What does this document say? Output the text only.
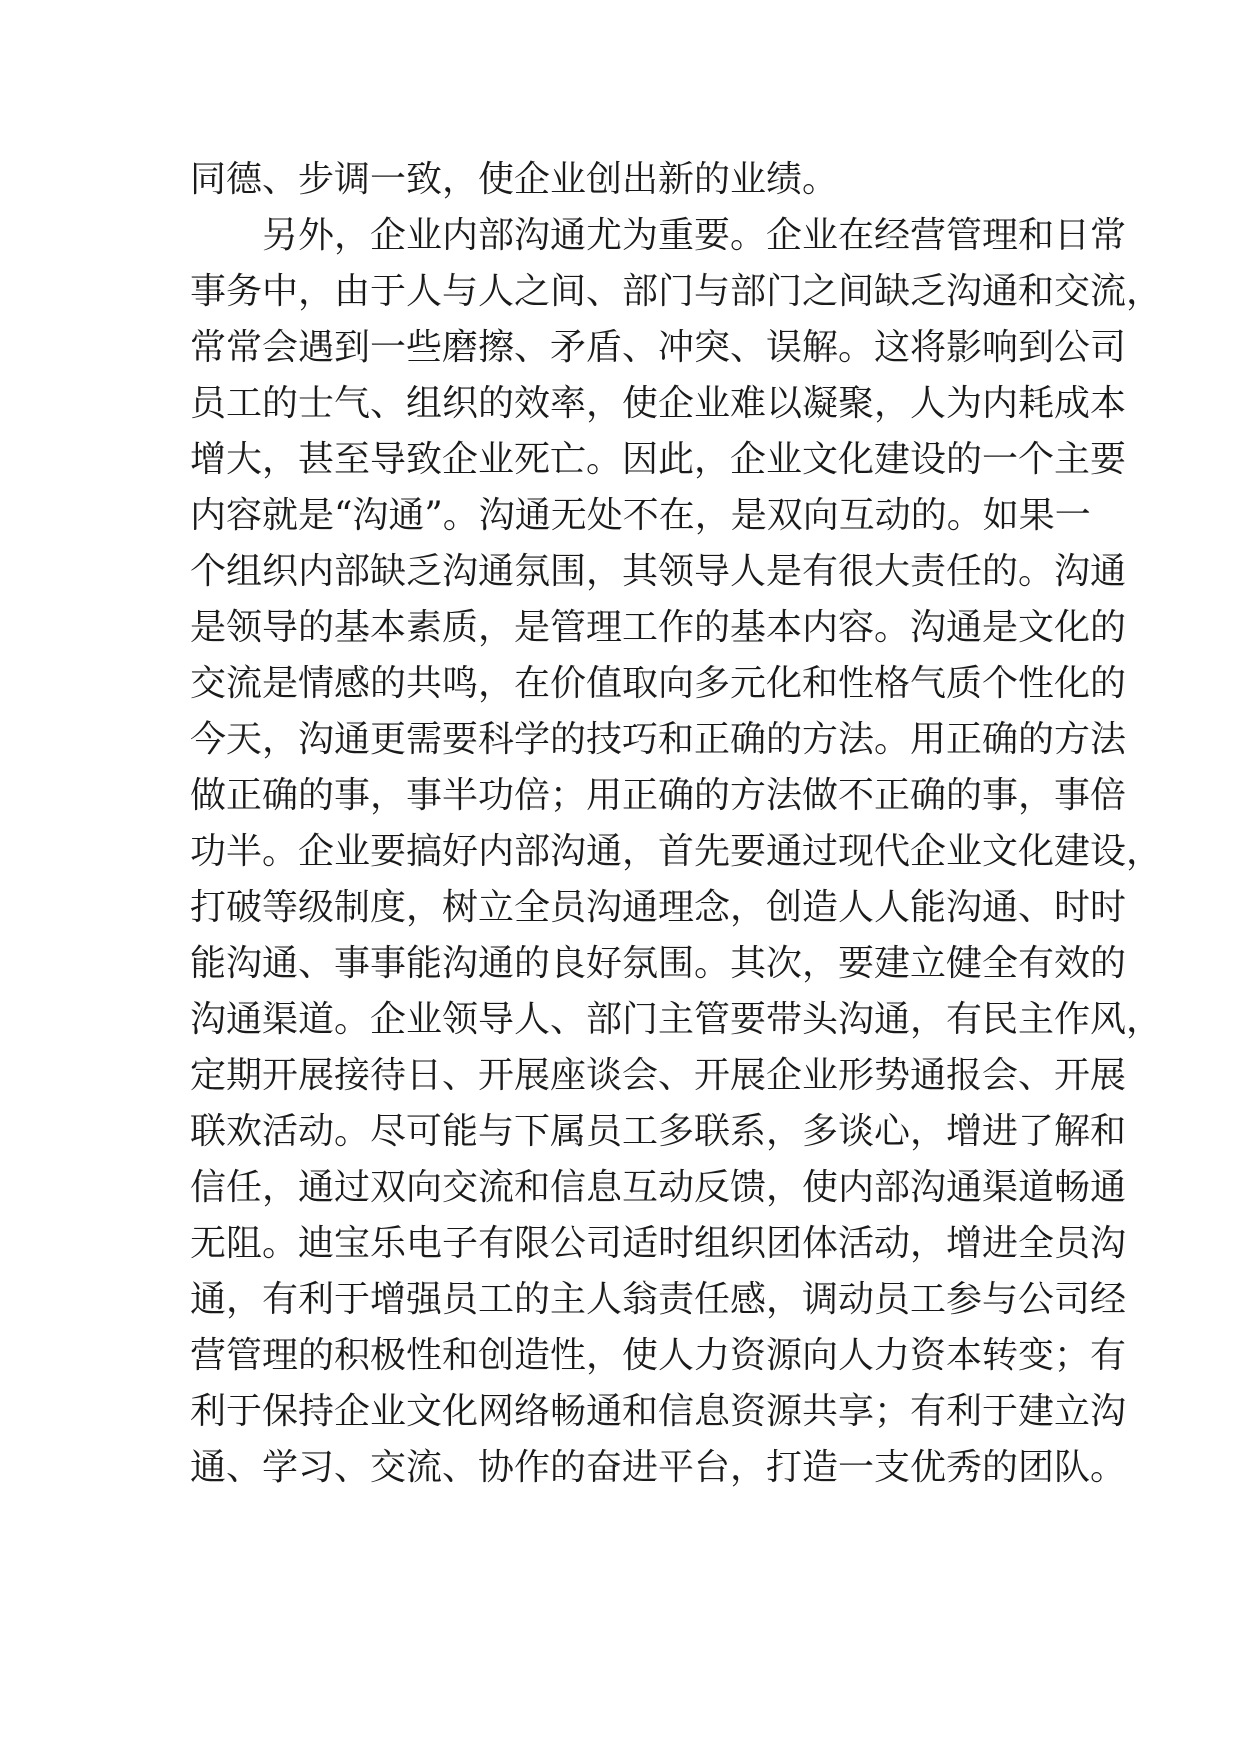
同德、步调一致，使企业创出新的业绩。
另外，企业内部沟通尤为重要。企业在经营管理和日常
事务中，由于人与人之间、部门与部门之间缺乏沟通和交流，
常常会遇到一些磨擦、矛盾、冲突、误解。这将影响到公司
员工的士气、组织的效率，使企业难以凝聚，人为内耗成本
增大，甚至导致企业死亡。因此，企业文化建设的一个主要
内容就是“沟通”。沟通无处不在，是双向互动的。如果一
个组织内部缺乏沟通氛围，其领导人是有很大责任的。沟通
是领导的基本素质，是管理工作的基本内容。沟通是文化的
交流是情感的共鸣，在价值取向多元化和性格气质个性化的
今天，沟通更需要科学的技巧和正确的方法。用正确的方法
做正确的事，事半功倍；用正确的方法做不正确的事，事倍
功半。企业要搞好内部沟通，首先要通过现代企业文化建设，
打破等级制度，树立全员沟通理念，创造人人能沟通、时时
能沟通、事事能沟通的良好氛围。其次，要建立健全有效的
沟通渠道。企业领导人、部门主管要带头沟通，有民主作风，
定期开展接待日、开展座谈会、开展企业形势通报会、开展
联欢活动。尽可能与下属员工多联系，多谈心，增进了解和
信任，通过双向交流和信息互动反馈，使内部沟通渠道畅通
无阻。迪宝乐电子有限公司适时组织团体活动，增进全员沟
通，有利于增强员工的主人翁责任感，调动员工参与公司经
营管理的积极性和创造性，使人力资源向人力资本转变；有
利于保持企业文化网络畅通和信息资源共享；有利于建立沟
通、学习、交流、协作的奋进平台，打造一支优秀的团队。
